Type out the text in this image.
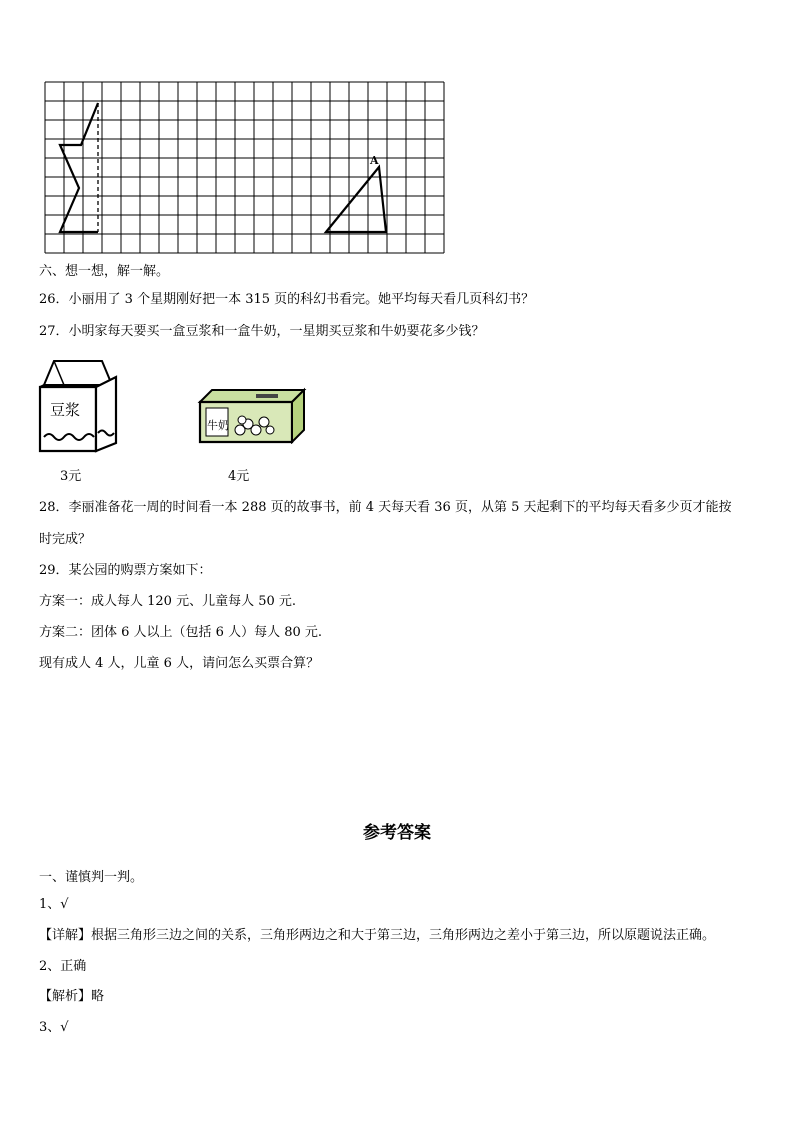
A
六、想一想，解一解。
26．小丽用了 3 个星期刚好把一本 315 页的科幻书看完。她平均每天看几页科幻书？
27．小明家每天要买一盒豆浆和一盒牛奶，一星期买豆浆和牛奶要花多少钱？
豆浆
牛奶
3元	4元
28．李丽准备花一周的时间看一本 288 页的故事书，前 4 天每天看 36 页，从第 5 天起剩下的平均每天看多少页才能按
时完成？
29．某公园的购票方案如下：
方案一：成人每人 120 元、儿童每人 50 元.
方案二：团体 6 人以上（包括 6 人）每人 80 元.
现有成人 4 人，儿童 6 人，请问怎么买票合算？
参考答案
一、谨慎判一判。
1、√
【详解】根据三角形三边之间的关系，三角形两边之和大于第三边，三角形两边之差小于第三边，所以原题说法正确。
2、正确
【解析】略
3、√
